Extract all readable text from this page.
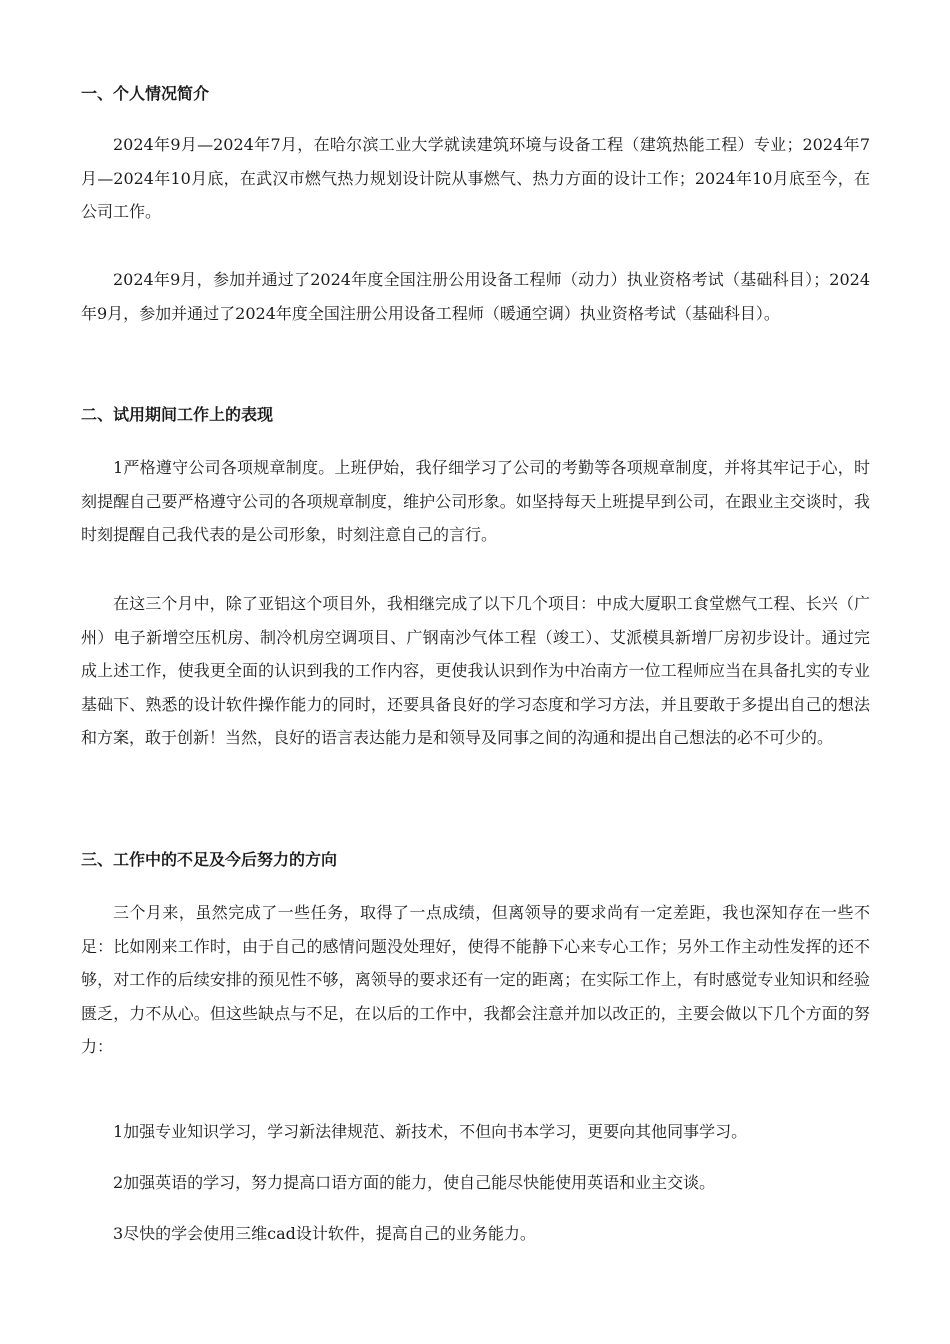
一、个人情况简介

2024年9月—2024年7月，在哈尔滨工业大学就读建筑环境与设备工程（建筑热能工程）专业；2024年7月—2024年10月底，在武汉市燃气热力规划设计院从事燃气、热力方面的设计工作；2024年10月底至今，在公司工作。

2024年9月，参加并通过了2024年度全国注册公用设备工程师（动力）执业资格考试（基础科目）；2024年9月，参加并通过了2024年度全国注册公用设备工程师（暖通空调）执业资格考试（基础科目）。

二、试用期间工作上的表现

1严格遵守公司各项规章制度。上班伊始，我仔细学习了公司的考勤等各项规章制度，并将其牢记于心，时刻提醒自己要严格遵守公司的各项规章制度，维护公司形象。如坚持每天上班提早到公司，在跟业主交谈时，我时刻提醒自己我代表的是公司形象，时刻注意自己的言行。

在这三个月中，除了亚铝这个项目外，我相继完成了以下几个项目：中成大厦职工食堂燃气工程、长兴（广州）电子新增空压机房、制冷机房空调项目、广钢南沙气体工程（竣工）、艾派模具新增厂房初步设计。通过完成上述工作，使我更全面的认识到我的工作内容，更使我认识到作为中冶南方一位工程师应当在具备扎实的专业基础下、熟悉的设计软件操作能力的同时，还要具备良好的学习态度和学习方法，并且要敢于多提出自己的想法和方案，敢于创新！当然，良好的语言表达能力是和领导及同事之间的沟通和提出自己想法的必不可少的。

三、工作中的不足及今后努力的方向

三个月来，虽然完成了一些任务，取得了一点成绩，但离领导的要求尚有一定差距，我也深知存在一些不足：比如刚来工作时，由于自己的感情问题没处理好，使得不能静下心来专心工作；另外工作主动性发挥的还不够，对工作的后续安排的预见性不够，离领导的要求还有一定的距离；在实际工作上，有时感觉专业知识和经验匮乏，力不从心。但这些缺点与不足，在以后的工作中，我都会注意并加以改正的，主要会做以下几个方面的努力：

1加强专业知识学习，学习新法律规范、新技术，不但向书本学习，更要向其他同事学习。

2加强英语的学习，努力提高口语方面的能力，使自己能尽快能使用英语和业主交谈。

3尽快的学会使用三维cad设计软件，提高自己的业务能力。
